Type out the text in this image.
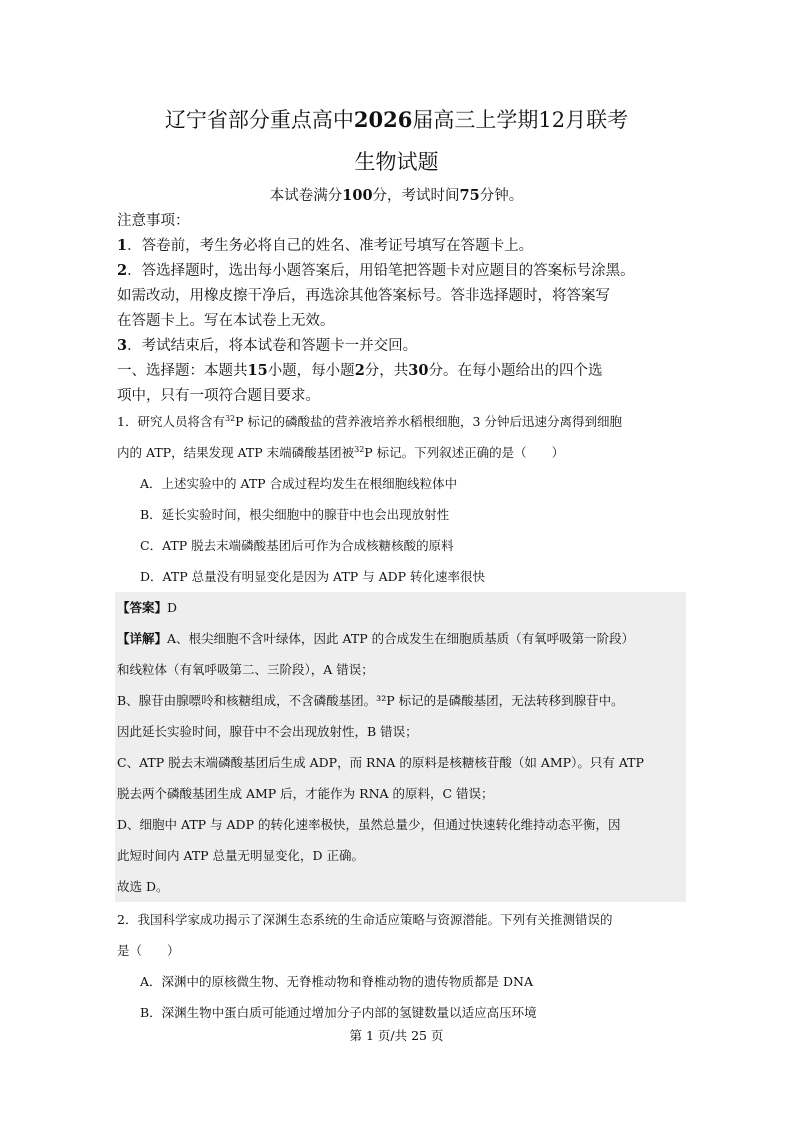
辽宁省部分重点高中2026届高三上学期12月联考
生物试题
本试卷满分100分，考试时间75分钟。
注意事项：
1．答卷前，考生务必将自己的姓名、准考证号填写在答题卡上。
2．答选择题时，选出每小题答案后，用铅笔把答题卡对应题目的答案标号涂黑。
如需改动，用橡皮擦干净后，再选涂其他答案标号。答非选择题时，将答案写
在答题卡上。写在本试卷上无效。
3．考试结束后，将本试卷和答题卡一并交回。
一、选择题：本题共15小题，每小题2分，共30分。在每小题给出的四个选
项中，只有一项符合题目要求。
1．研究人员将含有$^{32}$P 标记的磷酸盐的营养液培养水稻根细胞，3 分钟后迅速分离得到细胞
内的 ATP，结果发现 ATP 末端磷酸基团被$^{32}$P 标记。下列叙述正确的是（　　）
A．上述实验中的 ATP 合成过程均发生在根细胞线粒体中
B．延长实验时间，根尖细胞中的腺苷中也会出现放射性
C．ATP 脱去末端磷酸基团后可作为合成核糖核酸的原料
D．ATP 总量没有明显变化是因为 ATP 与 ADP 转化速率很快
【答案】D
【详解】A、根尖细胞不含叶绿体，因此 ATP 的合成发生在细胞质基质（有氧呼吸第一阶段）
和线粒体（有氧呼吸第二、三阶段），A 错误；
B、腺苷由腺嘌呤和核糖组成，不含磷酸基团。³²P 标记的是磷酸基团，无法转移到腺苷中。
因此延长实验时间，腺苷中不会出现放射性，B 错误；
C、ATP 脱去末端磷酸基团后生成 ADP，而 RNA 的原料是核糖核苷酸（如 AMP）。只有 ATP
脱去两个磷酸基团生成 AMP 后，才能作为 RNA 的原料，C 错误；
D、细胞中 ATP 与 ADP 的转化速率极快，虽然总量少，但通过快速转化维持动态平衡，因
此短时间内 ATP 总量无明显变化，D 正确。
故选 D。
2．我国科学家成功揭示了深渊生态系统的生命适应策略与资源潜能。下列有关推测错误的
是（　　）
A．深渊中的原核微生物、无脊椎动物和脊椎动物的遗传物质都是 DNA
B．深渊生物中蛋白质可能通过增加分子内部的氢键数量以适应高压环境
第 1 页/共 25 页
